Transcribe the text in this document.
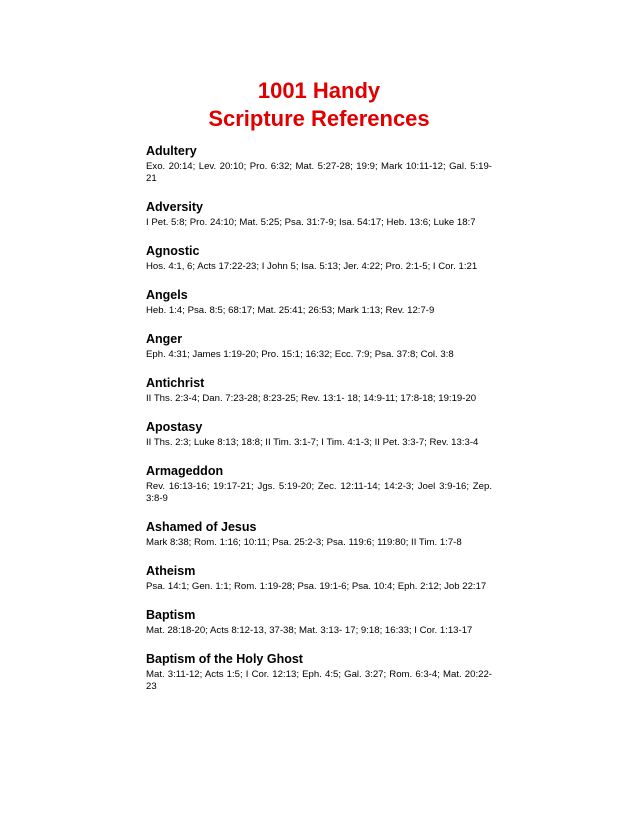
1001 Handy
Scripture References

Adultery

Exo. 20:14; Lev. 20:10; Pro. 6:32; Mat. 5:27-28; 19:9; Mark 10:11-12; Gal. 5:19-21

Adversity

I Pet. 5:8; Pro. 24:10; Mat. 5:25; Psa. 31:7-9; Isa. 54:17; Heb. 13:6; Luke 18:7

Agnostic

Hos. 4:1, 6; Acts 17:22-23; I John 5; Isa. 5:13; Jer. 4:22; Pro. 2:1-5; I Cor. 1:21

Angels

Heb. 1:4; Psa. 8:5; 68:17; Mat. 25:41; 26:53; Mark 1:13; Rev. 12:7-9

Anger

Eph. 4:31; James 1:19-20; Pro. 15:1; 16:32; Ecc. 7:9; Psa. 37:8; Col. 3:8

Antichrist

II Ths. 2:3-4; Dan. 7:23-28; 8:23-25; Rev. 13:1- 18; 14:9-11; 17:8-18; 19:19-20

Apostasy

II Ths. 2:3; Luke 8:13; 18:8; II Tim. 3:1-7; I Tim. 4:1-3; II Pet. 3:3-7; Rev. 13:3-4

Armageddon

Rev. 16:13-16; 19:17-21; Jgs. 5:19-20; Zec. 12:11-14; 14:2-3; Joel 3:9-16; Zep. 3:8-9

Ashamed of Jesus

Mark 8:38; Rom. 1:16; 10:11; Psa. 25:2-3; Psa. 119:6; 119:80; II Tim. 1:7-8

Atheism

Psa. 14:1; Gen. 1:1; Rom. 1:19-28; Psa. 19:1-6; Psa. 10:4; Eph. 2:12; Job 22:17

Baptism

Mat. 28:18-20; Acts 8:12-13, 37-38; Mat. 3:13- 17; 9:18; 16:33; I Cor. 1:13-17

Baptism of the Holy Ghost

Mat. 3:11-12; Acts 1:5; I Cor. 12:13; Eph. 4:5; Gal. 3:27; Rom. 6:3-4; Mat. 20:22-23
